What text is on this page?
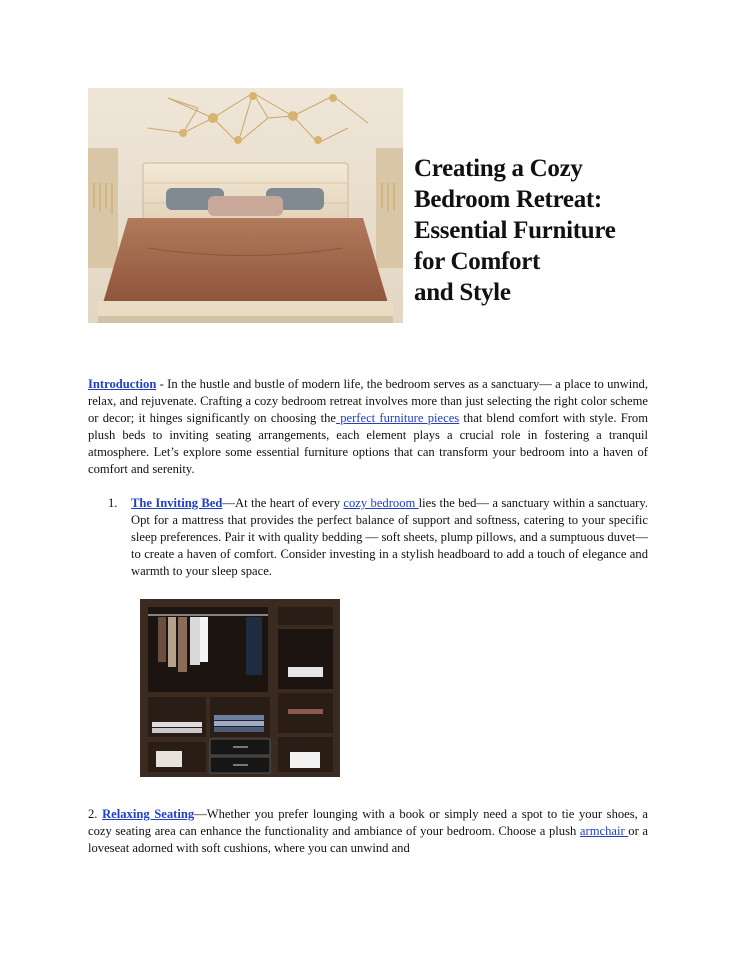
Creating a Cozy
Bedroom Retreat:
Essential Furniture
for Comfort
and Style

Introduction - In the hustle and bustle of modern life, the bedroom serves as a sanctuary— a place to unwind, relax, and rejuvenate. Crafting a cozy bedroom retreat involves more than just selecting the right color scheme or decor; it hinges significantly on choosing the perfect furniture pieces that blend comfort with style. From plush beds to inviting seating arrangements, each element plays a crucial role in fostering a tranquil atmosphere. Let’s explore some essential furniture options that can transform your bedroom into a haven of comfort and serenity.

1.	The Inviting Bed—At the heart of every cozy bedroom lies the bed— a sanctuary within a sanctuary. Opt for a mattress that provides the perfect balance of support and softness, catering to your specific sleep preferences. Pair it with quality bedding — soft sheets, plump pillows, and a sumptuous duvet— to create a haven of comfort. Consider investing in a stylish headboard to add a touch of elegance and warmth to your sleep space.

2. Relaxing Seating—Whether you prefer lounging with a book or simply need a spot to tie your shoes, a cozy seating area can enhance the functionality and ambiance of your bedroom. Choose a plush armchair or a loveseat adorned with soft cushions, where you can unwind and
